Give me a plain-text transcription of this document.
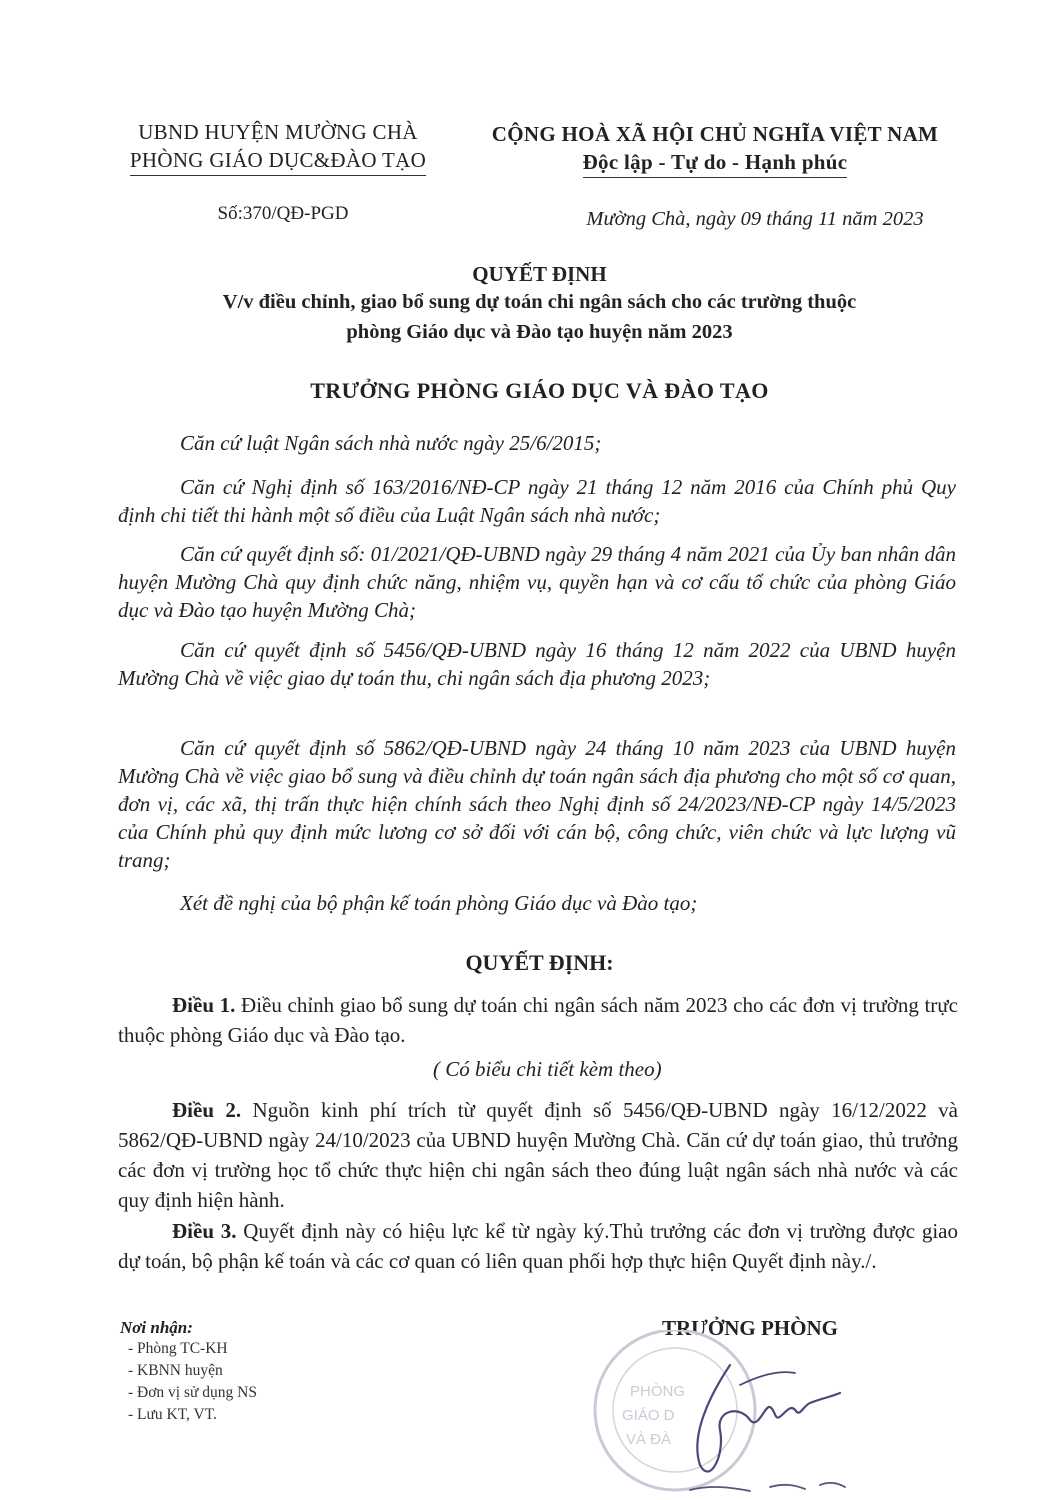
UBND HUYỆN MƯỜNG CHÀ
PHÒNG GIÁO DỤC&ĐÀO TẠO
Số:370/QĐ-PGD
CỘNG HOÀ XÃ HỘI CHỦ NGHĨA VIỆT NAM
Độc lập - Tự do - Hạnh phúc
Mường Chà, ngày 09 tháng 11 năm 2023
QUYẾT ĐỊNH
V/v điều chỉnh, giao bổ sung dự toán chi ngân sách cho các trường thuộc
phòng Giáo dục và Đào tạo huyện năm 2023
TRƯỞNG PHÒNG GIÁO DỤC VÀ ĐÀO TẠO
Căn cứ luật Ngân sách nhà nước ngày 25/6/2015;
Căn cứ Nghị định số 163/2016/NĐ-CP ngày 21 tháng 12 năm 2016 của Chính phủ Quy định chi tiết thi hành một số điều của Luật Ngân sách nhà nước;
Căn cứ quyết định số: 01/2021/QĐ-UBND ngày 29 tháng 4 năm 2021 của Ủy ban nhân dân huyện Mường Chà quy định chức năng, nhiệm vụ, quyền hạn và cơ cấu tổ chức của phòng Giáo dục và Đào tạo huyện Mường Chà;
Căn cứ quyết định số 5456/QĐ-UBND ngày 16 tháng 12 năm 2022 của UBND huyện Mường Chà về việc giao dự toán thu, chi ngân sách địa phương 2023;
Căn cứ quyết định số 5862/QĐ-UBND ngày 24 tháng 10 năm 2023 của UBND huyện Mường Chà về việc giao bổ sung và điều chỉnh dự toán ngân sách địa phương cho một số cơ quan, đơn vị, các xã, thị trấn thực hiện chính sách theo Nghị định số 24/2023/NĐ-CP ngày 14/5/2023 của Chính phủ quy định mức lương cơ sở đối với cán bộ, công chức, viên chức và lực lượng vũ trang;
Xét đề nghị của bộ phận kế toán phòng Giáo dục và Đào tạo;
QUYẾT ĐỊNH:
Điều 1. Điều chỉnh giao bổ sung dự toán chi ngân sách năm 2023 cho các đơn vị trường trực thuộc phòng Giáo dục và Đào tạo.
( Có biểu chi tiết kèm theo)
Điều 2. Nguồn kinh phí trích từ quyết định số 5456/QĐ-UBND ngày 16/12/2022 và 5862/QĐ-UBND ngày 24/10/2023 của UBND huyện Mường Chà. Căn cứ dự toán giao, thủ trưởng các đơn vị trường học tổ chức thực hiện chi ngân sách theo đúng luật ngân sách nhà nước và các quy định hiện hành.
Điều 3. Quyết định này có hiệu lực kể từ ngày ký.Thủ trưởng các đơn vị trường được giao dự toán, bộ phận kế toán và các cơ quan có liên quan phối hợp thực hiện Quyết định này./.
Nơi nhận:
- Phòng TC-KH
- KBNN huyện
- Đơn vị sử dụng NS
- Lưu KT, VT.
TRƯỞNG PHÒNG
PHÒNG
GIÁO D
VÀ ĐÀ
